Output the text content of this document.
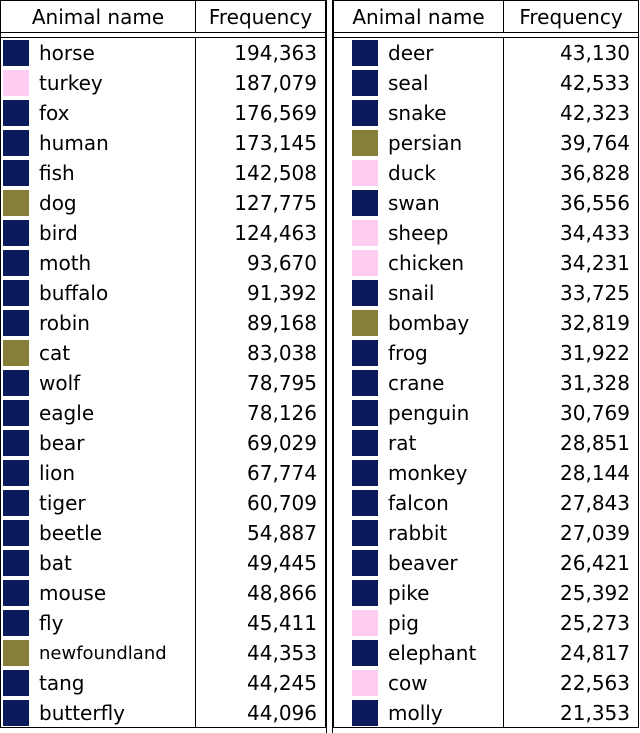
Animal name	Frequency
horse	194,363
turkey	187,079
fox	176,569
human	173,145
fish	142,508
dog	127,775
bird	124,463
moth	93,670
buffalo	91,392
robin	89,168
cat	83,038
wolf	78,795
eagle	78,126
bear	69,029
lion	67,774
tiger	60,709
beetle	54,887
bat	49,445
mouse	48,866
fly	45,411
newfoundland	44,353
tang	44,245
butterfly	44,096
Animal name	Frequency
deer	43,130
seal	42,533
snake	42,323
persian	39,764
duck	36,828
swan	36,556
sheep	34,433
chicken	34,231
snail	33,725
bombay	32,819
frog	31,922
crane	31,328
penguin	30,769
rat	28,851
monkey	28,144
falcon	27,843
rabbit	27,039
beaver	26,421
pike	25,392
pig	25,273
elephant	24,817
cow	22,563
molly	21,353
